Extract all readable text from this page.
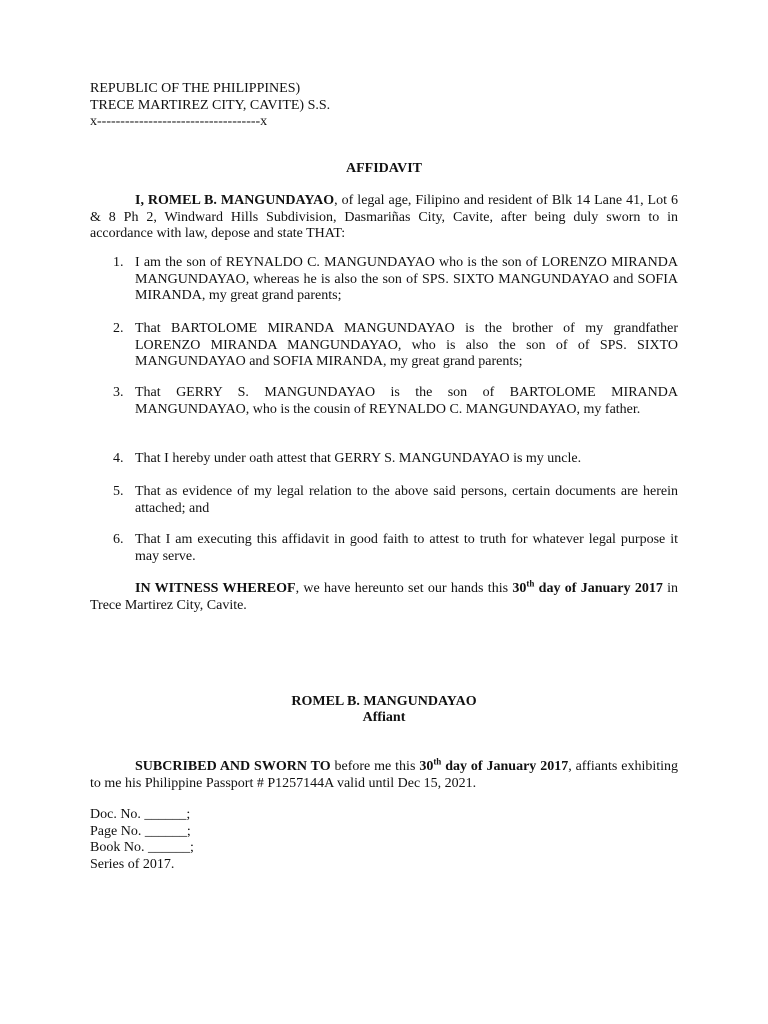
REPUBLIC OF THE PHILIPPINES)
TRECE MARTIREZ CITY, CAVITE) S.S.
x-----------------------------------x
AFFIDAVIT
I, ROMEL B. MANGUNDAYAO, of legal age, Filipino and resident of Blk 14 Lane 41, Lot 6 & 8 Ph 2, Windward Hills Subdivision, Dasmariñas City, Cavite, after being duly sworn to in accordance with law, depose and state THAT:
1. I am the son of REYNALDO C. MANGUNDAYAO who is the son of LORENZO MIRANDA MANGUNDAYAO, whereas he is also the son of SPS. SIXTO MANGUNDAYAO and SOFIA MIRANDA, my great grand parents;
2. That BARTOLOME MIRANDA MANGUNDAYAO is the brother of my grandfather LORENZO MIRANDA MANGUNDAYAO, who is also the son of of SPS. SIXTO MANGUNDAYAO and SOFIA MIRANDA, my great grand parents;
3. That GERRY S. MANGUNDAYAO is the son of BARTOLOME MIRANDA MANGUNDAYAO, who is the cousin of REYNALDO C. MANGUNDAYAO, my father.
4. That I hereby under oath attest that GERRY S. MANGUNDAYAO is my uncle.
5. That as evidence of my legal relation to the above said persons, certain documents are herein attached; and
6. That I am executing this affidavit in good faith to attest to truth for whatever legal purpose it may serve.
IN WITNESS WHEREOF, we have hereunto set our hands this 30th day of January 2017 in Trece Martirez City, Cavite.
ROMEL B. MANGUNDAYAO
Affiant
SUBCRIBED AND SWORN TO before me this 30th day of January 2017, affiants exhibiting to me his Philippine Passport # P1257144A valid until Dec 15, 2021.
Doc. No. ______;
Page No. ______;
Book No. ______;
Series of 2017.
